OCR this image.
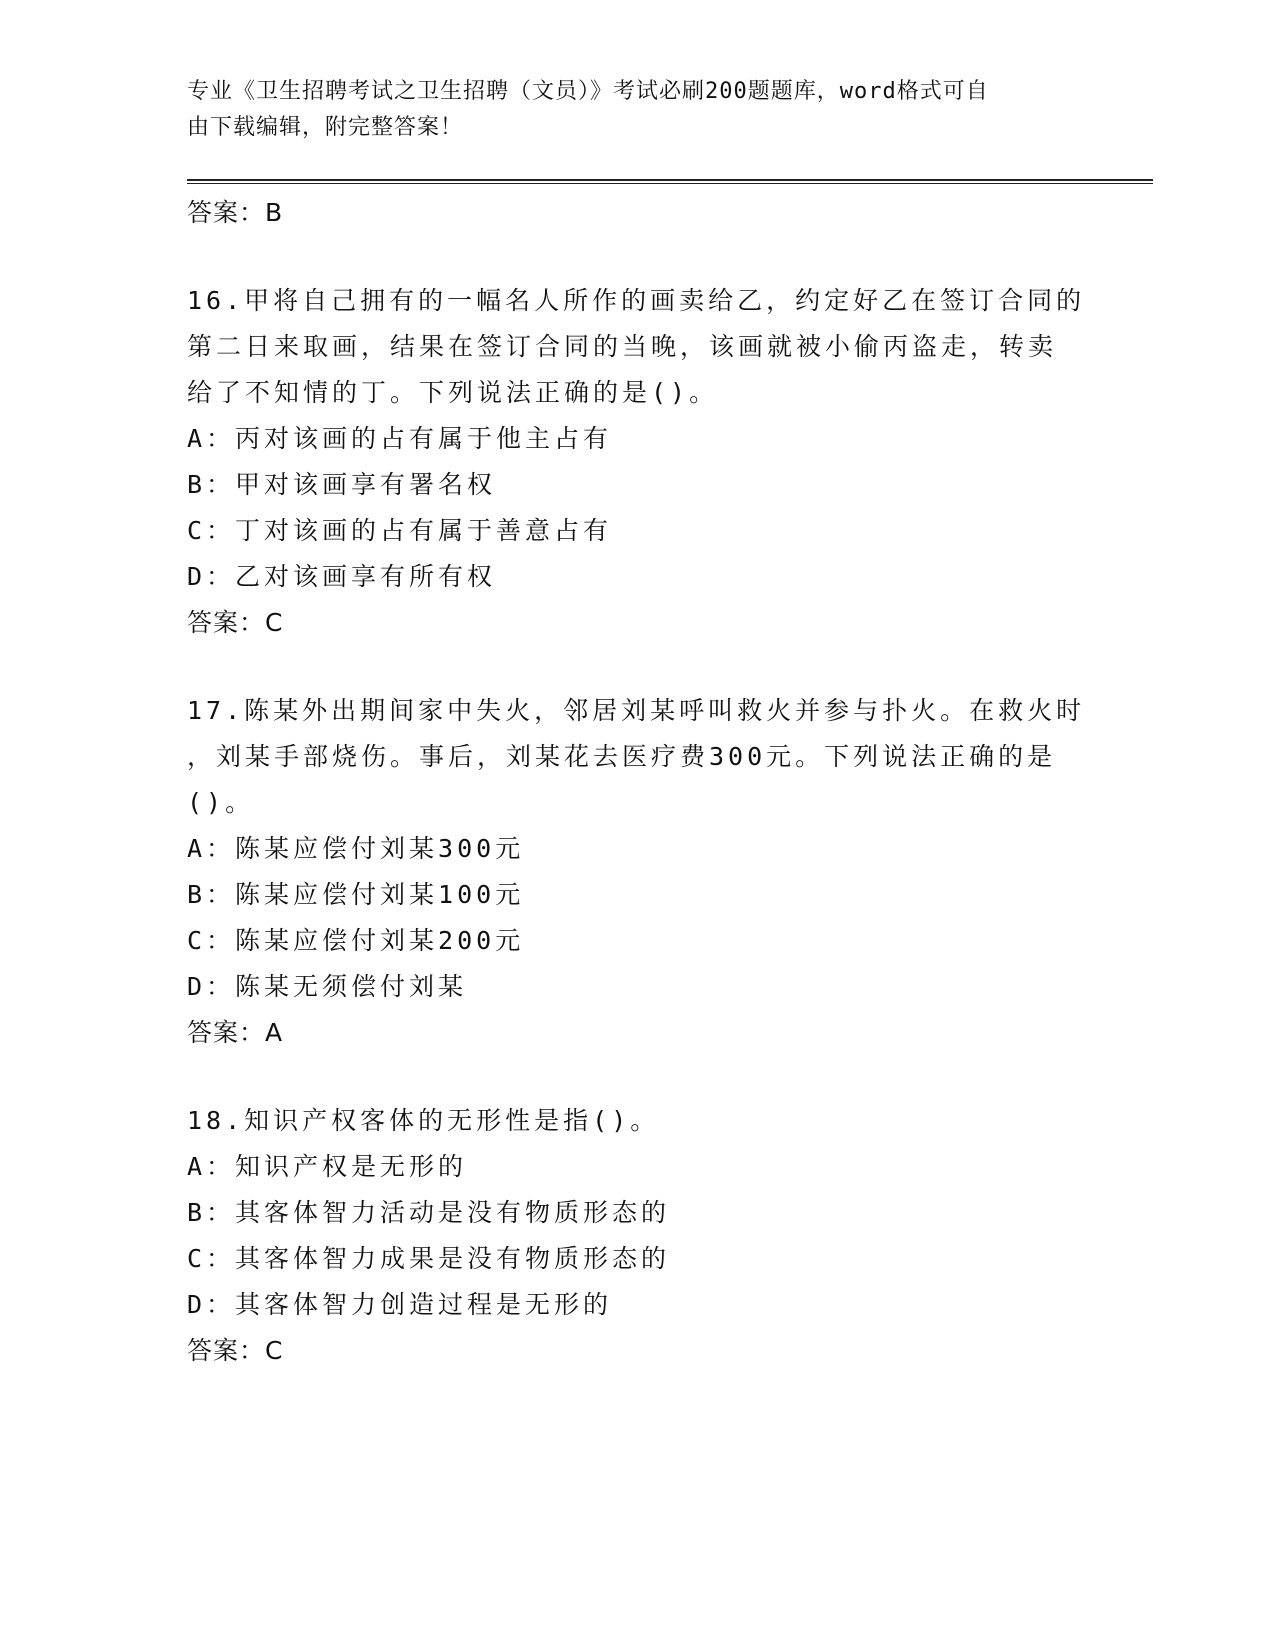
专业《卫生招聘考试之卫生招聘（文员）》考试必刷200题题库，word格式可自
由下载编辑，附完整答案！
答案：B
16.甲将自己拥有的一幅名人所作的画卖给乙，约定好乙在签订合同的
第二日来取画，结果在签订合同的当晚，该画就被小偷丙盗走，转卖
给了不知情的丁。下列说法正确的是()。
A：丙对该画的占有属于他主占有
B：甲对该画享有署名权
C：丁对该画的占有属于善意占有
D：乙对该画享有所有权
答案：C
17.陈某外出期间家中失火，邻居刘某呼叫救火并参与扑火。在救火时
，刘某手部烧伤。事后，刘某花去医疗费300元。下列说法正确的是
()。
A：陈某应偿付刘某300元
B：陈某应偿付刘某100元
C：陈某应偿付刘某200元
D：陈某无须偿付刘某
答案：A
18.知识产权客体的无形性是指()。
A：知识产权是无形的
B：其客体智力活动是没有物质形态的
C：其客体智力成果是没有物质形态的
D：其客体智力创造过程是无形的
答案：C
